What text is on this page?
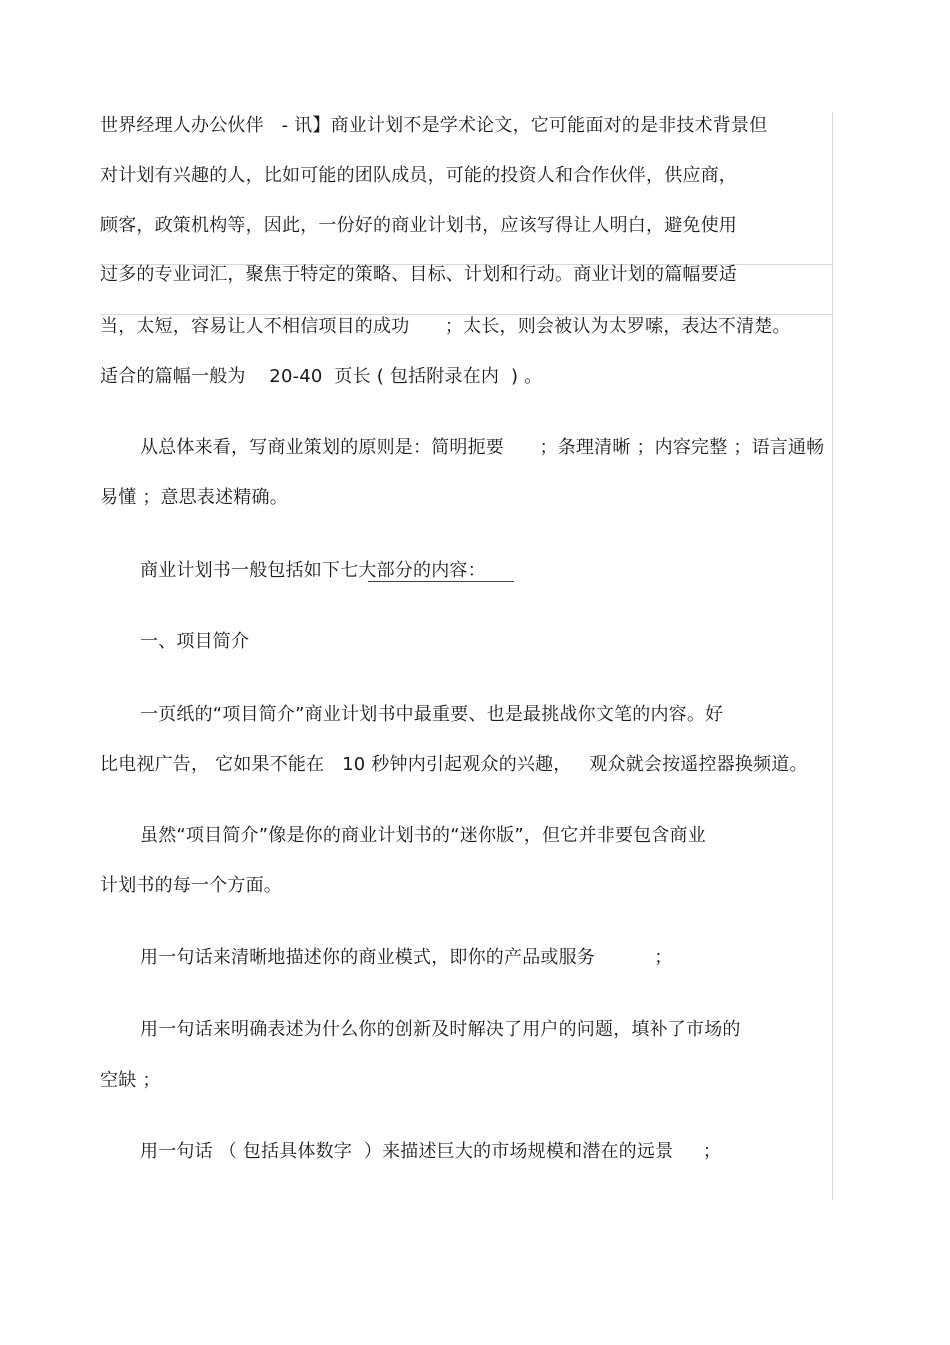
世界经理人办公伙伴   - 讯】商业计划不是学术论文，它可能面对的是非技术背景但
对计划有兴趣的人，比如可能的团队成员，可能的投资人和合作伙伴，供应商，
顾客，政策机构等，因此，一份好的商业计划书，应该写得让人明白，避免使用
过多的专业词汇，聚焦于特定的策略、目标、计划和行动。商业计划的篇幅要适
当，太短，容易让人不相信项目的成功      ；太长，则会被认为太罗嗦，表达不清楚。
适合的篇幅一般为    20-40  页长 ( 包括附录在内  ) 。
从总体来看，写商业策划的原则是：简明扼要      ；条理清晰 ；内容完整 ；语言通畅
易懂 ；意思表述精确。
商业计划书一般包括如下七大部分的内容：
一、项目简介
一页纸的“项目简介”商业计划书中最重要、也是最挑战你文笔的内容。好
比电视广告， 它如果不能在   10 秒钟内引起观众的兴趣，   观众就会按遥控器换频道。
虽然“项目简介”像是你的商业计划书的“迷你版”，但它并非要包含商业
计划书的每一个方面。
用一句话来清晰地描述你的商业模式，即你的产品或服务          ；
用一句话来明确表述为什么你的创新及时解决了用户的问题，填补了市场的
空缺 ；
用一句话 （ 包括具体数字  ）来描述巨大的市场规模和潜在的远景     ；
